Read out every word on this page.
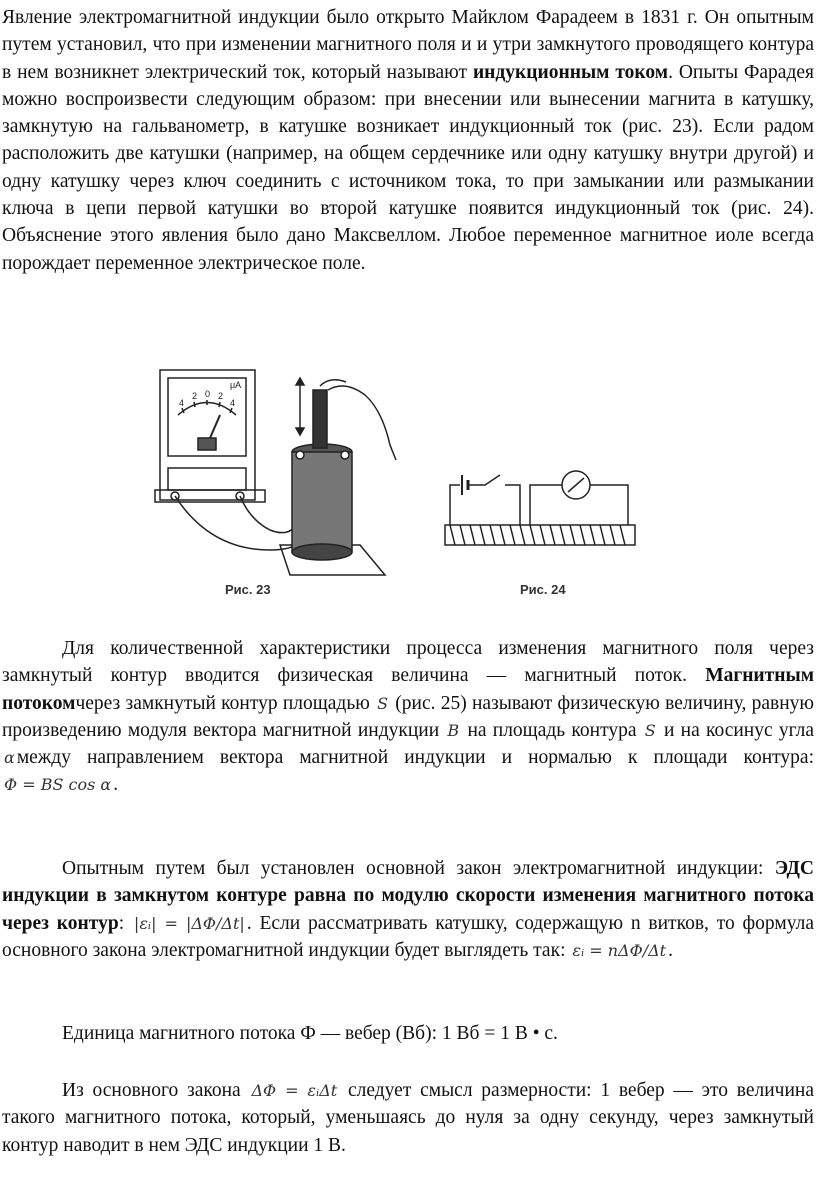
Явление электромагнитной индукции было открыто Майклом Фарадеем в 1831 г. Он опытным путем установил, что при изменении магнитного поля и и утри замкнутого проводящего контура в нем возникнет электрический ток, который называют индукционным током. Опыты Фарадея можно воспроизвести следующим образом: при внесении или вынесении магнита в катушку, замкнутую на гальванометр, в катушке возникает индукционный ток (рис. 23). Если радом расположить две катушки (например, на общем сердечнике или одну катушку внутри другой) и одну катушку через ключ соединить с источником тока, то при замыкании или размыкании ключа в цепи первой катушки во второй катушке появится индукционный ток (рис. 24). Объяснение этого явления было дано Максвеллом. Любое переменное магнитное иоле всегда порождает переменное электрическое поле.

4
2 0 2
4
μA
Рис. 23	Рис. 24

Для количественной характеристики процесса изменения магнитного поля через замкнутый контур вводится физическая величина — магнитный поток. Магнитным потокомчерез замкнутый контур площадью S (рис. 25) называют физическую величину, равную произведению модуля вектора магнитной индукции B на площадь контура S и на косинус угла α между направлением вектора магнитной индукции и нормалью к площади контура: Φ = BS cos α .

Опытным путем был установлен основной закон электромагнитной индукции: ЭДС индукции в замкнутом контуре равна по модулю скорости изменения магнитного потока через контур: |εᵢ| = |ΔΦ/Δt| . Если рассматривать катушку, содержащую n витков, то формула основного закона электромагнитной индукции будет выглядеть так: εᵢ = nΔΦ/Δt .

Единица магнитного потока Ф — вебер (Вб): 1 Вб = 1 В • с.

Из основного закона ΔΦ = εᵢΔt следует смысл размерности: 1 вебер — это величина такого магнитного потока, который, уменьшаясь до нуля за одну секунду, через замкнутый контур наводит в нем ЭДС индукции 1 В.
